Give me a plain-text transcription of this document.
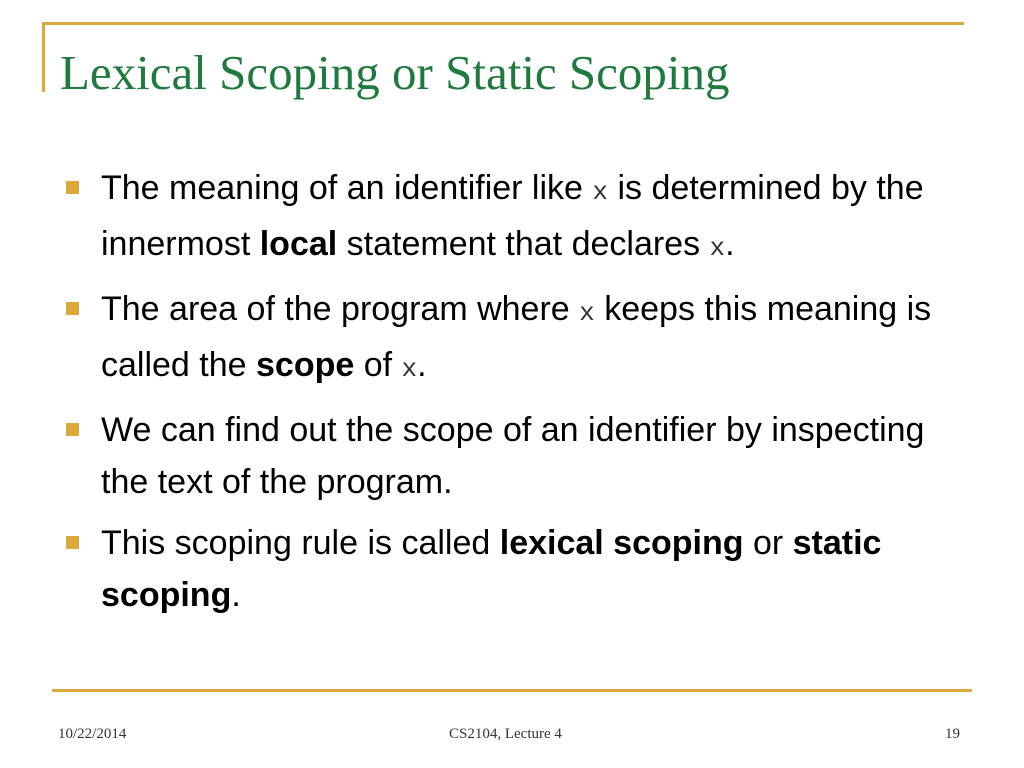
Lexical Scoping or Static Scoping
The meaning of an identifier like x is determined by the innermost local statement that declares x.
The area of the program where x keeps this meaning is called the scope of x.
We can find out the scope of an identifier by inspecting the text of the program.
This scoping rule is called lexical scoping or static scoping.
10/22/2014	CS2104, Lecture 4	19
